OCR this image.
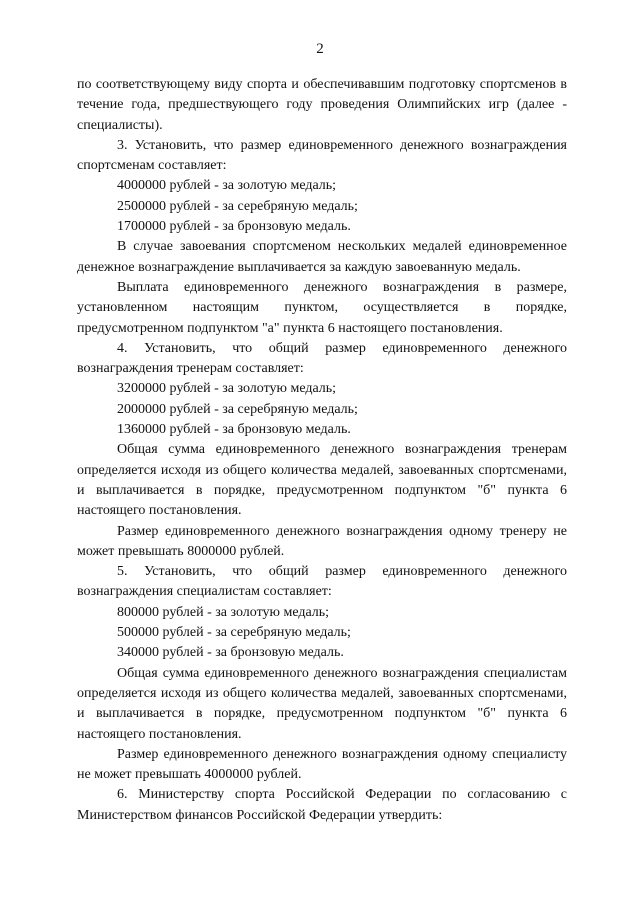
2

по соответствующему виду спорта и обеспечивавшим подготовку спортсменов в течение года, предшествующего году проведения Олимпийских игр (далее - специалисты).

3. Установить, что размер единовременного денежного вознаграждения спортсменам составляет:

4000000 рублей - за золотую медаль;

2500000 рублей - за серебряную медаль;

1700000 рублей - за бронзовую медаль.

В случае завоевания спортсменом нескольких медалей единовременное денежное вознаграждение выплачивается за каждую завоеванную медаль.

Выплата единовременного денежного вознаграждения в размере, установленном настоящим пунктом, осуществляется в порядке, предусмотренном подпунктом "а" пункта 6 настоящего постановления.

4. Установить, что общий размер единовременного денежного вознаграждения тренерам составляет:

3200000 рублей - за золотую медаль;

2000000 рублей - за серебряную медаль;

1360000 рублей - за бронзовую медаль.

Общая сумма единовременного денежного вознаграждения тренерам определяется исходя из общего количества медалей, завоеванных спортсменами, и выплачивается в порядке, предусмотренном подпунктом "б" пункта 6 настоящего постановления.

Размер единовременного денежного вознаграждения одному тренеру не может превышать 8000000 рублей.

5. Установить, что общий размер единовременного денежного вознаграждения специалистам составляет:

800000 рублей - за золотую медаль;

500000 рублей - за серебряную медаль;

340000 рублей - за бронзовую медаль.

Общая сумма единовременного денежного вознаграждения специалистам определяется исходя из общего количества медалей, завоеванных спортсменами, и выплачивается в порядке, предусмотренном подпунктом "б" пункта 6 настоящего постановления.

Размер единовременного денежного вознаграждения одному специалисту не может превышать 4000000 рублей.

6. Министерству спорта Российской Федерации по согласованию с Министерством финансов Российской Федерации утвердить:
